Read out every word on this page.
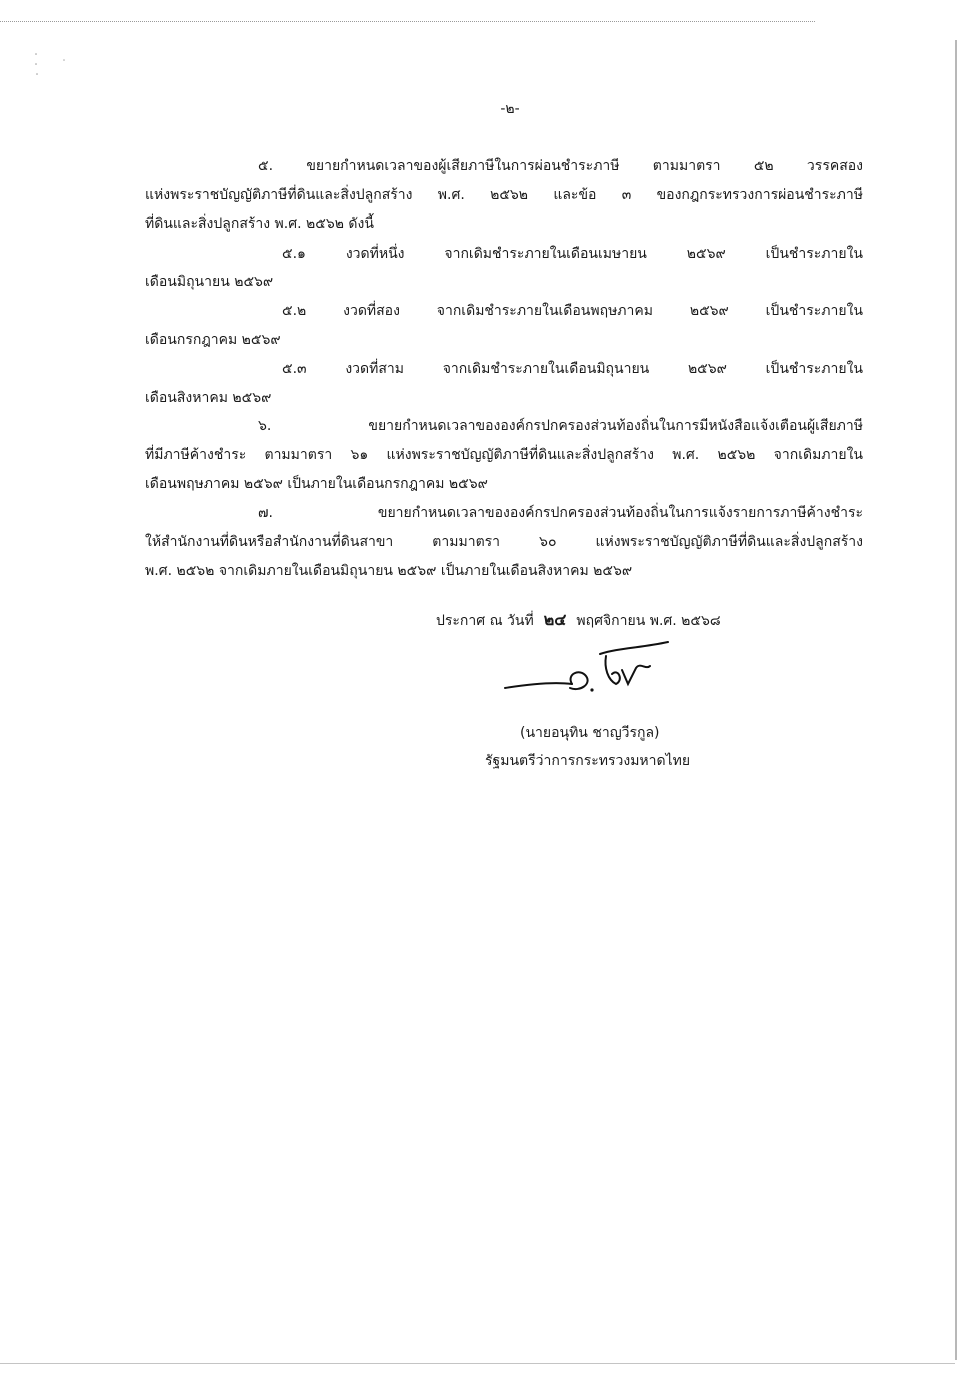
-๒-
๕. ขยายกำหนดเวลาของผู้เสียภาษีในการผ่อนชำระภาษี ตามมาตรา ๕๒ วรรคสอง
แห่งพระราชบัญญัติภาษีที่ดินและสิ่งปลูกสร้าง พ.ศ. ๒๕๖๒ และข้อ ๓ ของกฎกระทรวงการผ่อนชำระภาษี
ที่ดินและสิ่งปลูกสร้าง พ.ศ. ๒๕๖๒ ดังนี้
๕.๑ งวดที่หนึ่ง จากเดิมชำระภายในเดือนเมษายน ๒๕๖๙ เป็นชำระภายใน
เดือนมิถุนายน ๒๕๖๙
๕.๒ งวดที่สอง จากเดิมชำระภายในเดือนพฤษภาคม ๒๕๖๙ เป็นชำระภายใน
เดือนกรกฎาคม ๒๕๖๙
๕.๓ งวดที่สาม จากเดิมชำระภายในเดือนมิถุนายน ๒๕๖๙ เป็นชำระภายใน
เดือนสิงหาคม ๒๕๖๙
๖. ขยายกำหนดเวลาขององค์กรปกครองส่วนท้องถิ่นในการมีหนังสือแจ้งเตือนผู้เสียภาษี
ที่มีภาษีค้างชำระ ตามมาตรา ๖๑ แห่งพระราชบัญญัติภาษีที่ดินและสิ่งปลูกสร้าง พ.ศ. ๒๕๖๒ จากเดิมภายใน
เดือนพฤษภาคม ๒๕๖๙ เป็นภายในเดือนกรกฎาคม ๒๕๖๙
๗. ขยายกำหนดเวลาขององค์กรปกครองส่วนท้องถิ่นในการแจ้งรายการภาษีค้างชำระ
ให้สำนักงานที่ดินหรือสำนักงานที่ดินสาขา ตามมาตรา ๖๐ แห่งพระราชบัญญัติภาษีที่ดินและสิ่งปลูกสร้าง
พ.ศ. ๒๕๖๒ จากเดิมภายในเดือนมิถุนายน ๒๕๖๙ เป็นภายในเดือนสิงหาคม ๒๕๖๙
ประกาศ ณ วันที่ ๒๔ พฤศจิกายน พ.ศ. ๒๕๖๘
(นายอนุทิน ชาญวีรกูล)
รัฐมนตรีว่าการกระทรวงมหาดไทย
